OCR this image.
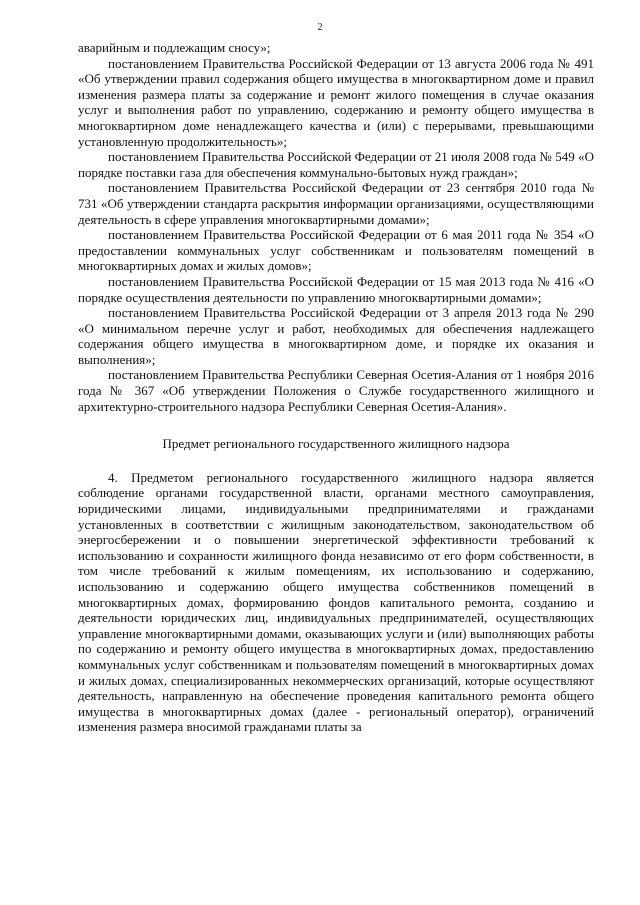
2

аварийным и подлежащим сносу»;

постановлением Правительства Российской Федерации от 13 августа 2006 года № 491 «Об утверждении правил содержания общего имущества в многоквартирном доме и правил изменения размера платы за содержание и ремонт жилого помещения в случае оказания услуг и выполнения работ по управлению, содержанию и ремонту общего имущества в многоквартирном доме ненадлежащего качества и (или) с перерывами, превышающими установленную продолжительность»;

постановлением Правительства Российской Федерации от 21 июля 2008 года № 549 «О порядке поставки газа для обеспечения коммунально-бытовых нужд граждан»;

постановлением Правительства Российской Федерации от 23 сентября 2010 года № 731 «Об утверждении стандарта раскрытия информации организациями, осуществляющими деятельность в сфере управления многоквартирными домами»;

постановлением Правительства Российской Федерации от 6 мая 2011 года № 354 «О предоставлении коммунальных услуг собственникам и пользователям помещений в многоквартирных домах и жилых домов»;

постановлением Правительства Российской Федерации от 15 мая 2013 года № 416 «О порядке осуществления деятельности по управлению многоквартирными домами»;

постановлением Правительства Российской Федерации от 3 апреля 2013 года № 290 «О минимальном перечне услуг и работ, необходимых для обеспечения надлежащего содержания общего имущества в многоквартирном доме, и порядке их оказания и выполнения»;

постановлением Правительства Республики Северная Осетия-Алания от 1 ноября 2016 года № 367 «Об утверждении Положения о Службе государственного жилищного и архитектурно-строительного надзора Республики Северная Осетия-Алания».

Предмет регионального государственного жилищного надзора

4. Предметом регионального государственного жилищного надзора является соблюдение органами государственной власти, органами местного самоуправления, юридическими лицами, индивидуальными предпринимателями и гражданами установленных в соответствии с жилищным законодательством, законодательством об энергосбережении и о повышении энергетической эффективности требований к использованию и сохранности жилищного фонда независимо от его форм собственности, в том числе требований к жилым помещениям, их использованию и содержанию, использованию и содержанию общего имущества собственников помещений в многоквартирных домах, формированию фондов капитального ремонта, созданию и деятельности юридических лиц, индивидуальных предпринимателей, осуществляющих управление многоквартирными домами, оказывающих услуги и (или) выполняющих работы по содержанию и ремонту общего имущества в многоквартирных домах, предоставлению коммунальных услуг собственникам и пользователям помещений в многоквартирных домах и жилых домах, специализированных некоммерческих организаций, которые осуществляют деятельность, направленную на обеспечение проведения капитального ремонта общего имущества в многоквартирных домах (далее - региональный оператор), ограничений изменения размера вносимой гражданами платы за
